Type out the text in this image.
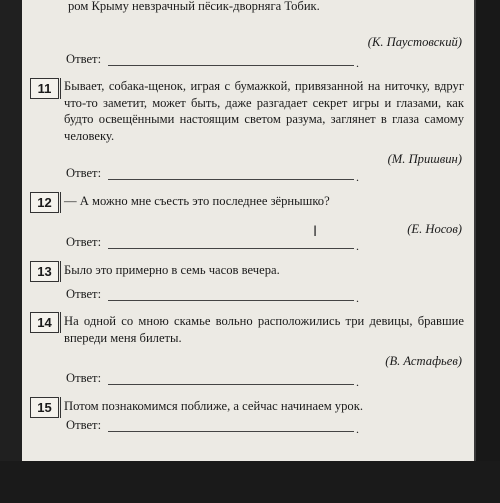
ром Крыму невзрачный пёсик-дворняга Тобик.
(К. Паустовский)
Ответ:	.
11	Бывает, собака-щенок, играя с бумажкой, привязанной на ниточку, вдруг что-то заметит, может быть, даже разгадает секрет игры и глазами, как будто освещёнными настоящим светом разума, заглянет в глаза самому человеку.
(М. Пришвин)
Ответ:	.
12 — А можно мне съесть это последнее зёрнышко?
(Е. Носов)
Ответ:	.
13 Было это примерно в семь часов вечера.
Ответ:	.
14 На одной со мною скамье вольно расположились три девицы, бравшие впереди меня билеты.
(В. Астафьев)
Ответ:	.
15 Потом познакомимся поближе, а сейчас начинаем урок.
Ответ:	.
I
